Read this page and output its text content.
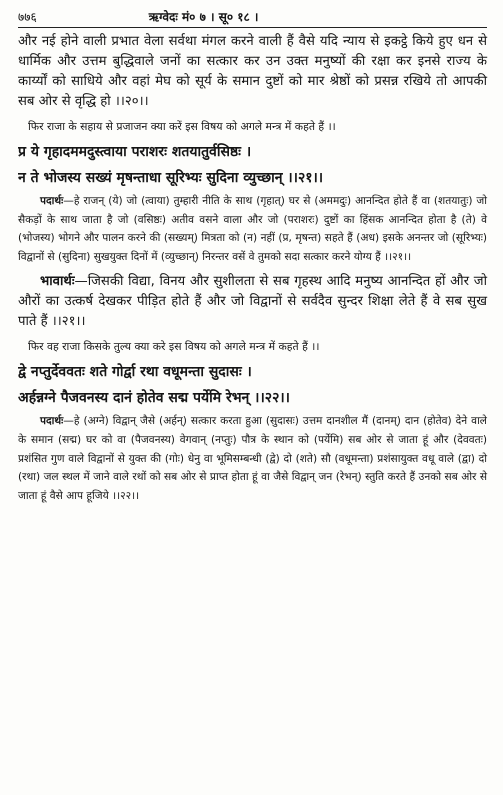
७७६	ऋग्वेदः मं० ७ । सू० १८ ।

और नई होने वाली प्रभात वेला सर्वथा मंगल करने वाली हैं वैसे यदि न्याय से इकट्ठे किये हुए धन से धार्मिक और उत्तम बुद्धिवाले जनों का सत्कार कर उन उक्त मनुष्यों की रक्षा कर इनसे राज्य के कार्य्यों को साधिये और वहां मेघ को सूर्य के समान दुष्टों को मार श्रेष्ठों को प्रसन्न रखिये तो आपकी सब ओर से वृद्धि हो ।।२०।।

फिर राजा के सहाय से प्रजाजन क्या करें इस विषय को अगले मन्त्र में कहते हैं ।।

प्र ये गृहादममदुस्त्वाया पराशरः शतयातुर्वसिष्ठः ।
न ते भोजस्य सख्यं मृषन्ताधा सूरिभ्यः सुदिना व्युच्छान् ।।२१।।

पदार्थः—हे राजन् (ये) जो (त्वाया) तुम्हारी नीति के साथ (गृहात्) घर से (अममदुः) आनन्दित होते हैं वा (शतयातुः) जो सैकड़ों के साथ जाता है जो (वसिष्ठः) अतीव वसने वाला और जो (पराशरः) दुष्टों का हिंसक आनन्दित होता है (ते) वे (भोजस्य) भोगने और पालन करने की (सख्यम्) मित्रता को (न) नहीं (प्र, मृषन्त) सहते हैं (अध) इसके अनन्तर जो (सूरिभ्यः) विद्वानों से (सुदिना) सुखयुक्त दिनों में (व्युच्छान्) निरन्तर वसें वे तुमको सदा सत्कार करने योग्य हैं ।।२१।।

भावार्थः—जिसकी विद्या, विनय और सुशीलता से सब गृहस्थ आदि मनुष्य आनन्दित हों और जो औरों का उत्कर्ष देखकर पीड़ित होते हैं और जो विद्वानों से सर्वदैव सुन्दर शिक्षा लेते हैं वे सब सुख पाते हैं ।।२१।।

फिर वह राजा किसके तुल्य क्या करे इस विषय को अगले मन्त्र में कहते हैं ।।

द्वे नप्तुर्देववतः शते गोर्द्वा रथा वधूमन्ता सुदासः ।
अर्हन्नग्ने पैजवनस्य दानं होतेव सद्म पर्येमि रेभन् ।।२२।।

पदार्थः—हे (अग्ने) विद्वान् जैसे (अर्हन्) सत्कार करता हुआ (सुदासः) उत्तम दानशील मैं (दानम्) दान (होतेव) देने वाले के समान (सद्म) घर को वा (पैजवनस्य) वेगवान् (नप्तुः) पौत्र के स्थान को (पर्येमि) सब ओर से जाता हूं और (देववतः) प्रशंसित गुण वाले विद्वानों से युक्त की (गोः) धेनु वा भूमिसम्बन्धी (द्वे) दो (शते) सौ (वधूमन्ता) प्रशंसायुक्त वधू वाले (द्वा) दो (रथा) जल स्थल में जाने वाले रथों को सब ओर से प्राप्त होता हूं वा जैसे विद्वान् जन (रेभन्) स्तुति करते हैं उनको सब ओर से जाता हूं वैसे आप हूजिये ।।२२।।
